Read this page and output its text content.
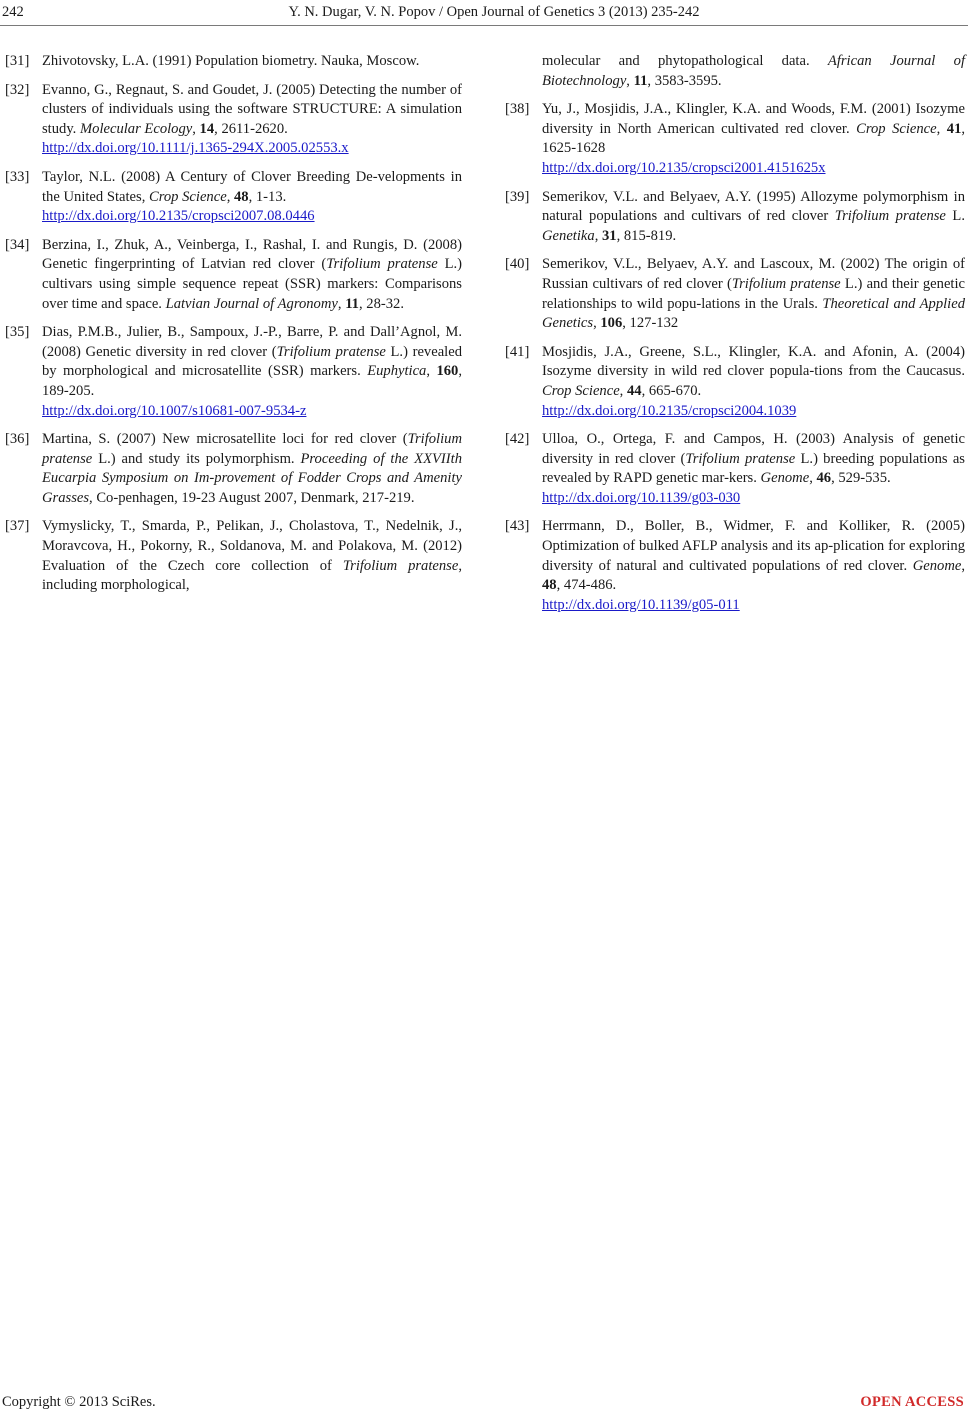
242	Y. N. Dugar, V. N. Popov / Open Journal of Genetics 3 (2013) 235-242
[31] Zhivotovsky, L.A. (1991) Population biometry. Nauka, Moscow.
[32] Evanno, G., Regnaut, S. and Goudet, J. (2005) Detecting the number of clusters of individuals using the software STRUCTURE: A simulation study. Molecular Ecology, 14, 2611-2620.
http://dx.doi.org/10.1111/j.1365-294X.2005.02553.x
[33] Taylor, N.L. (2008) A Century of Clover Breeding De-velopments in the United States, Crop Science, 48, 1-13.
http://dx.doi.org/10.2135/cropsci2007.08.0446
[34] Berzina, I., Zhuk, A., Veinberga, I., Rashal, I. and Rungis, D. (2008) Genetic fingerprinting of Latvian red clover (Trifolium pratense L.) cultivars using simple sequence repeat (SSR) markers: Comparisons over time and space. Latvian Journal of Agronomy, 11, 28-32.
[35] Dias, P.M.B., Julier, B., Sampoux, J.-P., Barre, P. and Dall’Agnol, M. (2008) Genetic diversity in red clover (Trifolium pratense L.) revealed by morphological and microsatellite (SSR) markers. Euphytica, 160, 189-205.
http://dx.doi.org/10.1007/s10681-007-9534-z
[36] Martina, S. (2007) New microsatellite loci for red clover (Trifolium pratense L.) and study its polymorphism. Proceeding of the XXVIIth Eucarpia Symposium on Im-provement of Fodder Crops and Amenity Grasses, Co-penhagen, 19-23 August 2007, Denmark, 217-219.
[37] Vymyslicky, T., Smarda, P., Pelikan, J., Cholastova, T., Nedelnik, J., Moravcova, H., Pokorny, R., Soldanova, M. and Polakova, M. (2012) Evaluation of the Czech core collection of Trifolium pratense, including morphological,
molecular and phytopathological data. African Journal of Biotechnology, 11, 3583-3595.
[38] Yu, J., Mosjidis, J.A., Klingler, K.A. and Woods, F.M. (2001) Isozyme diversity in North American cultivated red clover. Crop Science, 41, 1625-1628
http://dx.doi.org/10.2135/cropsci2001.4151625x
[39] Semerikov, V.L. and Belyaev, A.Y. (1995) Allozyme polymorphism in natural populations and cultivars of red clover Trifolium pratense L. Genetika, 31, 815-819.
[40] Semerikov, V.L., Belyaev, A.Y. and Lascoux, M. (2002) The origin of Russian cultivars of red clover (Trifolium pratense L.) and their genetic relationships to wild popu-lations in the Urals. Theoretical and Applied Genetics, 106, 127-132
[41] Mosjidis, J.A., Greene, S.L., Klingler, K.A. and Afonin, A. (2004) Isozyme diversity in wild red clover popula-tions from the Caucasus. Crop Science, 44, 665-670.
http://dx.doi.org/10.2135/cropsci2004.1039
[42] Ulloa, O., Ortega, F. and Campos, H. (2003) Analysis of genetic diversity in red clover (Trifolium pratense L.) breeding populations as revealed by RAPD genetic mar-kers. Genome, 46, 529-535.
http://dx.doi.org/10.1139/g03-030
[43] Herrmann, D., Boller, B., Widmer, F. and Kolliker, R. (2005) Optimization of bulked AFLP analysis and its ap-plication for exploring diversity of natural and cultivated populations of red clover. Genome, 48, 474-486.
http://dx.doi.org/10.1139/g05-011
Copyright © 2013 SciRes.	OPEN ACCESS
